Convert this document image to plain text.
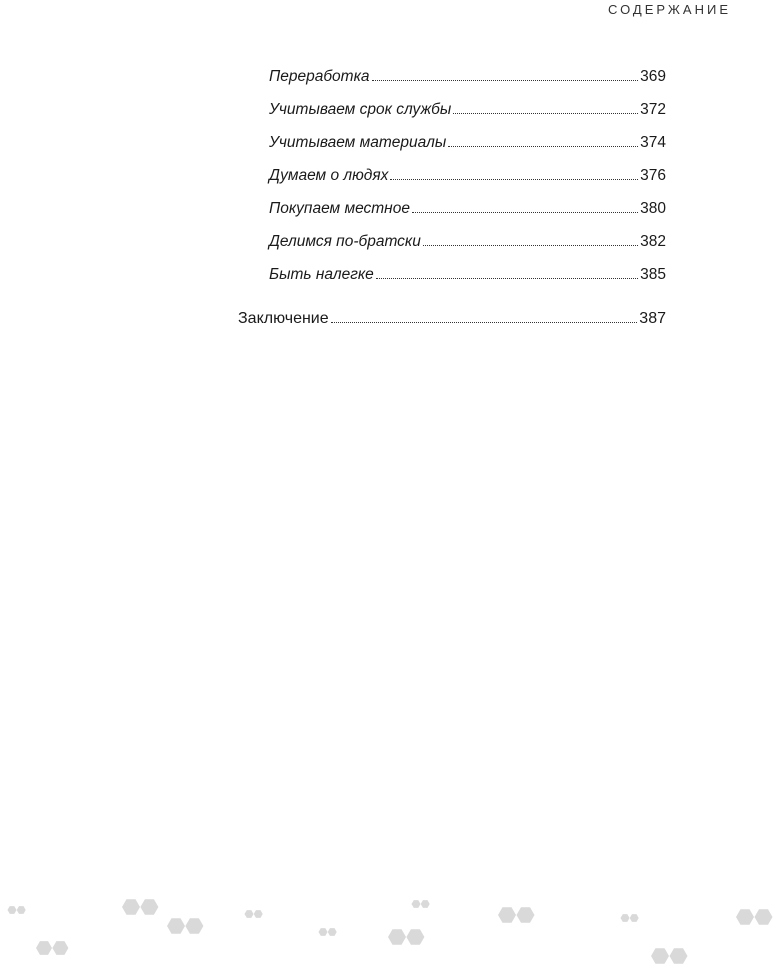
СОДЕРЖАНИЕ
Переработка	369
Учитываем срок службы	372
Учитываем материалы	374
Думаем о людях	376
Покупаем местное	380
Делимся по-братски	382
Быть налегке	385
Заключение	387
